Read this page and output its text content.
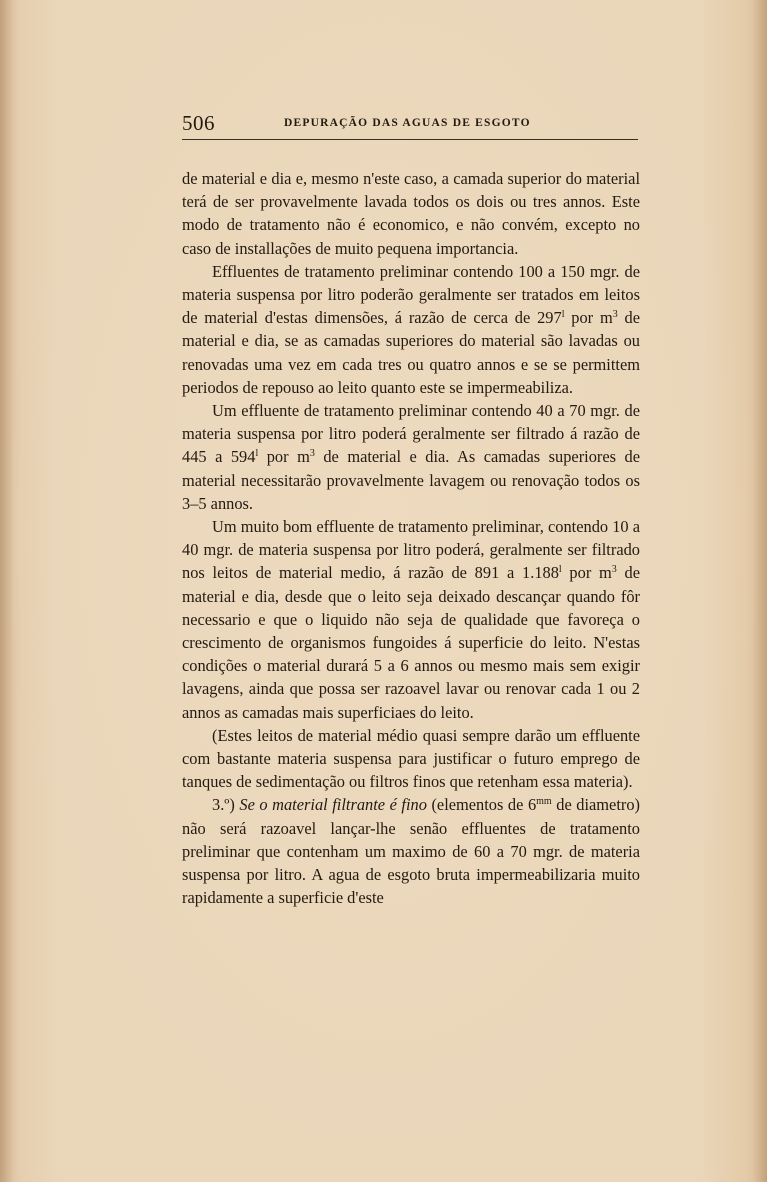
506	DEPURAÇÃO DAS AGUAS DE ESGOTO

de material e dia e, mesmo n'este caso, a camada superior do material terá de ser provavelmente lavada todos os dois ou tres annos. Este modo de tratamento não é economico, e não convém, excepto no caso de installações de muito pequena importancia.

Effluentes de tratamento preliminar contendo 100 a 150 mgr. de materia suspensa por litro poderão geralmente ser tratados em leitos de material d'estas dimensões, á razão de cerca de 297$^l$ por $m^3$ de material e dia, se as camadas superiores do material são lavadas ou renovadas uma vez em cada tres ou quatro annos e se se permittem periodos de repouso ao leito quanto este se impermeabiliza.

Um effluente de tratamento preliminar contendo 40 a 70 mgr. de materia suspensa por litro poderá geralmente ser filtrado á razão de 445 a 594$^l$ por $m^3$ de material e dia. As camadas superiores de material necessitarão provavelmente lavagem ou renovação todos os 3–5 annos.

Um muito bom effluente de tratamento preliminar, contendo 10 a 40 mgr. de materia suspensa por litro poderá, geralmente ser filtrado nos leitos de material medio, á razão de 891 a 1.188$^l$ por $m^3$ de material e dia, desde que o leito seja deixado descançar quando fôr necessario e que o liquido não seja de qualidade que favoreça o crescimento de organismos fungoides á superficie do leito. N'estas condições o material durará 5 a 6 annos ou mesmo mais sem exigir lavagens, ainda que possa ser razoavel lavar ou renovar cada 1 ou 2 annos as camadas mais superficiaes do leito.

(Estes leitos de material médio quasi sempre darão um effluente com bastante materia suspensa para justificar o futuro emprego de tanques de sedimentação ou filtros finos que retenham essa materia).

3.º) Se o material filtrante é fino (elementos de $6^{mm}$ de diametro) não será razoavel lançar-lhe senão effluentes de tratamento preliminar que contenham um maximo de 60 a 70 mgr. de materia suspensa por litro. A agua de esgoto bruta impermeabilizaria muito rapidamente a superficie d'este
